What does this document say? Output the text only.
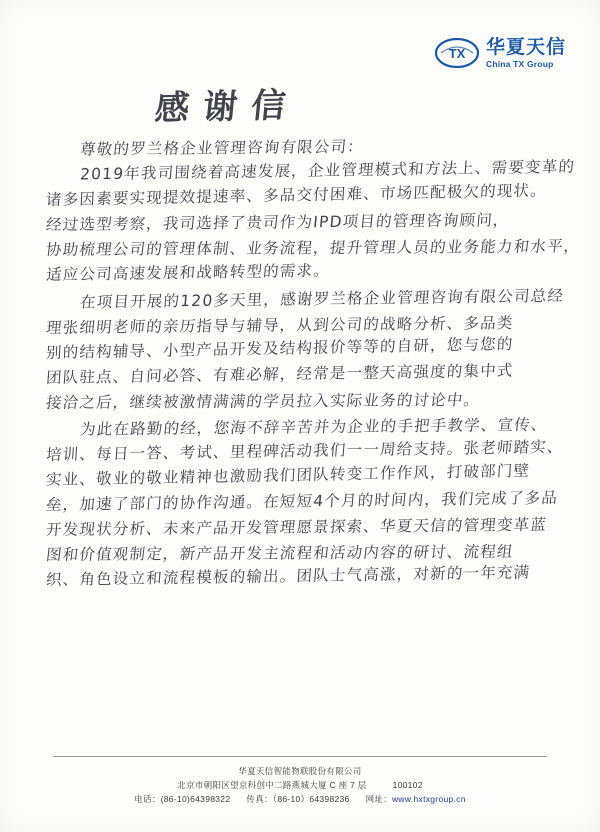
TX 华夏天信
China TX Group
感谢信
尊敬的罗兰格企业管理咨询有限公司：
2019年我司围绕着高速发展，企业管理模式和方法上、需要变革的
诸多因素要实现提效提速率、多品交付困难、市场匹配极欠的现状。
经过选型考察，我司选择了贵司作为IPD项目的管理咨询顾问，
协助梳理公司的管理体制、业务流程，提升管理人员的业务能力和水平，
适应公司高速发展和战略转型的需求。
在项目开展的120多天里，感谢罗兰格企业管理咨询有限公司总经
理张细明老师的亲历指导与辅导，从到公司的战略分析、多品类
别的结构辅导、小型产品开发及结构报价等等的自研，您与您的
团队驻点、自问必答、有难必解，经常是一整天高强度的集中式
接洽之后，继续被激情满满的学员拉入实际业务的讨论中。
为此在路勤的经，您海不辞辛苦并为企业的手把手教学、宣传、
培训、每日一答、考试、里程碑活动我们一一周给支持。张老师踏实、
实业、敬业的敬业精神也激励我们团队转变工作作风，打破部门壁
垒，加速了部门的协作沟通。在短短4个月的时间内，我们完成了多品
开发现状分析、未来产品开发管理愿景探索、华夏天信的管理变革蓝
图和价值观制定，新产品开发主流程和活动内容的研讨、流程组
织、角色设立和流程模板的输出。团队士气高涨，对新的一年充满
华夏天信智能物联股份有限公司
北京市朝阳区望京科创中二路燕城大厦 C 座 7 层	100102
电话：(86-10)64398322 传真：（86-10）64398236 网址：www.hxtxgroup.cn
